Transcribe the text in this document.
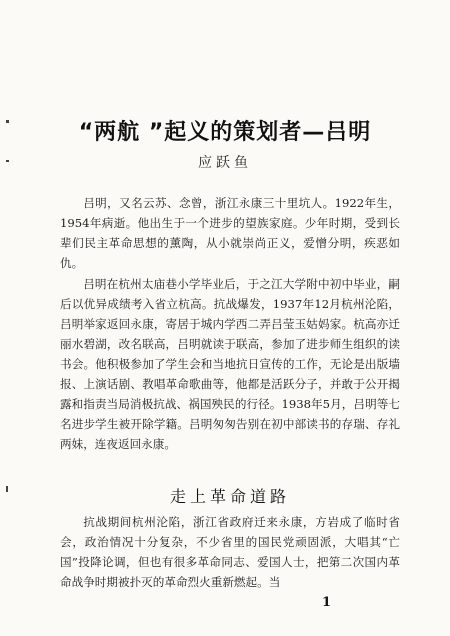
“两航 ”起义的策划者—吕明
应跃鱼

吕明，又名云苏、念曾，浙江永康三十里坑人。1922年生，1954年病逝。他出生于一个进步的望族家庭。少年时期，受到长辈们民主革命思想的薰陶，从小就崇尚正义，爱憎分明，疾恶如仇。

吕明在杭州太庙巷小学毕业后，于之江大学附中初中毕业，嗣后以优异成绩考入省立杭高。抗战爆发，1937年12月杭州沦陷，吕明举家返回永康，寄居于城内学西二弄吕莹玉姑妈家。杭高亦迁丽水碧湖，改名联高，吕明就读于联高，参加了进步师生组织的读书会。他积极参加了学生会和当地抗日宣传的工作，无论是出版墙报、上演话剧、教唱革命歌曲等，他都是活跃分子，并敢于公开揭露和指责当局消极抗战、祸国殃民的行径。1938年5月，吕明等七名进步学生被开除学籍。吕明匆匆告别在初中部读书的存瑞、存礼两妹，连夜返回永康。

走上革命道路

抗战期间杭州沦陷，浙江省政府迁来永康，方岩成了临时省会，政治情况十分复杂，不少省里的国民党顽固派，大唱其“亡国”投降论调，但也有很多革命同志、爱国人士，把第二次国内革命战争时期被扑灭的革命烈火重新燃起。当

1
